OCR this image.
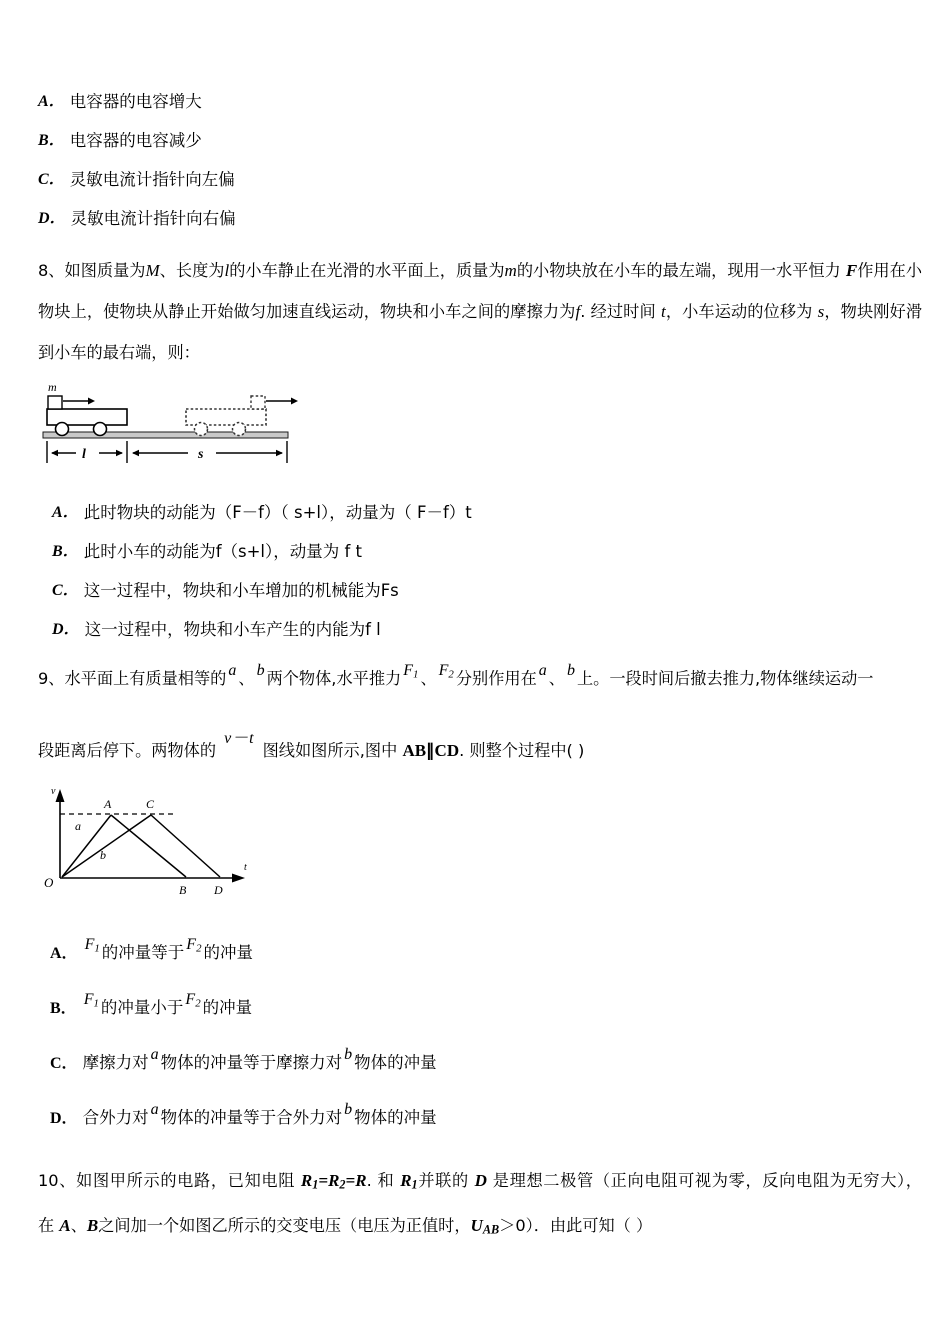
A． 电容器的电容增大
B． 电容器的电容减少
C． 灵敏电流计指针向左偏
D． 灵敏电流计指针向右偏
8、如图质量为M、长度为l的小车静止在光滑的水平面上，质量为m的小物块放在小车的最左端，现用一水平恒力 F作用在小物块上，使物块从静止开始做匀加速直线运动，物块和小车之间的摩擦力为f. 经过时间 t，小车运动的位移为 s，物块刚好滑到小车的最右端，则：
m
l	s
A． 此时物块的动能为（F－f）（ s+l），动量为（ F－f）t
B． 此时小车的动能为f（s+l），动量为 f t
C． 这一过程中，物块和小车增加的机械能为Fs
D． 这一过程中，物块和小车产生的内能为f l
9、水平面上有质量相等的 a 、 b 两个物体,水平推力 F1 、 F2 分别作用在 a 、 b 上。一段时间后撤去推力,物体继续运动一
段距离后停下。两物体的v－t图线如图所示,图中 AB∥CD. 则整个过程中( )
v
t
O
A	C
B D
a
b
A．
F1 的冲量等于 F2 的冲量
B．
F1 的冲量小于 F2 的冲量
C． 摩擦力对 a 物体的冲量等于摩擦力对 b 物体的冲量
D． 合外力对 a 物体的冲量等于合外力对 b 物体的冲量
10、如图甲所示的电路，已知电阻 $R_1=R_2=R$. 和 $R_1$并联的 D 是理想二极管（正向电阻可视为零，反向电阻为无穷大），在 A、B之间加一个如图乙所示的交变电压（电压为正值时，$U_{AB}>0$）．由此可知（ ）
